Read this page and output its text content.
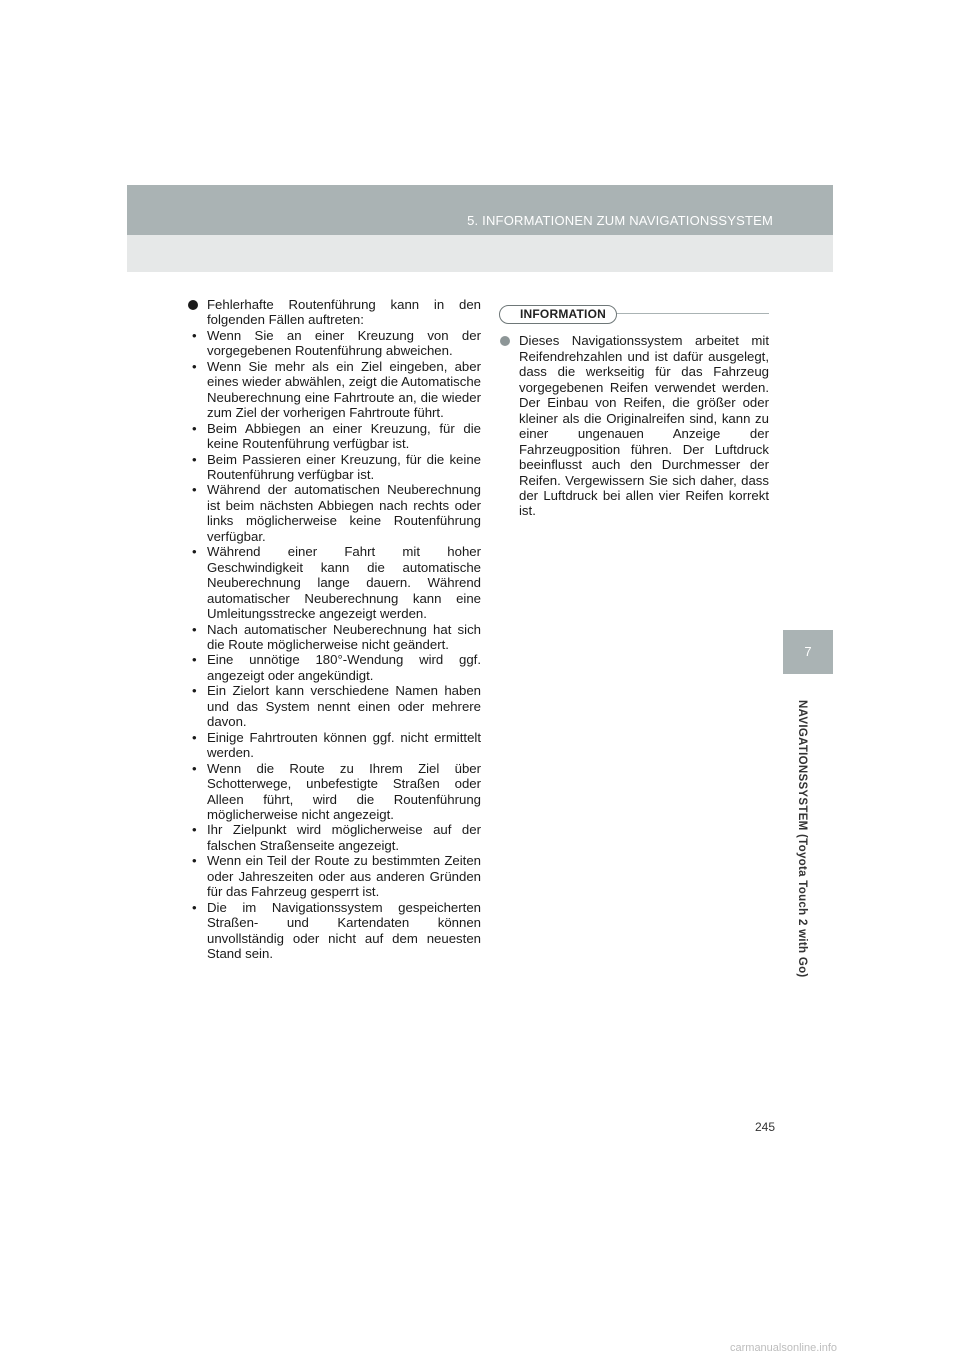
5. INFORMATIONEN ZUM NAVIGATIONSSYSTEM
7
NAVIGATIONSSYSTEM (Toyota Touch 2 with Go)
Fehlerhafte Routenführung kann in den folgenden Fällen auftreten:
• Wenn Sie an einer Kreuzung von der vorgegebenen Routenführung abweichen.
• Wenn Sie mehr als ein Ziel eingeben, aber eines wieder abwählen, zeigt die Automatische Neuberechnung eine Fahrtroute an, die wieder zum Ziel der vorherigen Fahrtroute führt.
• Beim Abbiegen an einer Kreuzung, für die keine Routenführung verfügbar ist.
• Beim Passieren einer Kreuzung, für die keine Routenführung verfügbar ist.
• Während der automatischen Neuberechnung ist beim nächsten Abbiegen nach rechts oder links möglicherweise keine Routenführung verfügbar.
• Während einer Fahrt mit hoher Geschwindigkeit kann die automatische Neuberechnung lange dauern. Während automatischer Neuberechnung kann eine Umleitungsstrecke angezeigt werden.
• Nach automatischer Neuberechnung hat sich die Route möglicherweise nicht geändert.
• Eine unnötige 180°-Wendung wird ggf. angezeigt oder angekündigt.
• Ein Zielort kann verschiedene Namen haben und das System nennt einen oder mehrere davon.
• Einige Fahrtrouten können ggf. nicht ermittelt werden.
• Wenn die Route zu Ihrem Ziel über Schotterwege, unbefestigte Straßen oder Alleen führt, wird die Routenführung möglicherweise nicht angezeigt.
• Ihr Zielpunkt wird möglicherweise auf der falschen Straßenseite angezeigt.
• Wenn ein Teil der Route zu bestimmten Zeiten oder Jahreszeiten oder aus anderen Gründen für das Fahrzeug gesperrt ist.
• Die im Navigationssystem gespeicherten Straßen- und Kartendaten können unvollständig oder nicht auf dem neuesten Stand sein.
INFORMATION
Dieses Navigationssystem arbeitet mit Reifendrehzahlen und ist dafür ausgelegt, dass die werkseitig für das Fahrzeug vorgegebenen Reifen verwendet werden. Der Einbau von Reifen, die größer oder kleiner als die Originalreifen sind, kann zu einer ungenauen Anzeige der Fahrzeugposition führen. Der Luftdruck beeinflusst auch den Durchmesser der Reifen. Vergewissern Sie sich daher, dass der Luftdruck bei allen vier Reifen korrekt ist.
245
carmanualsonline.info
